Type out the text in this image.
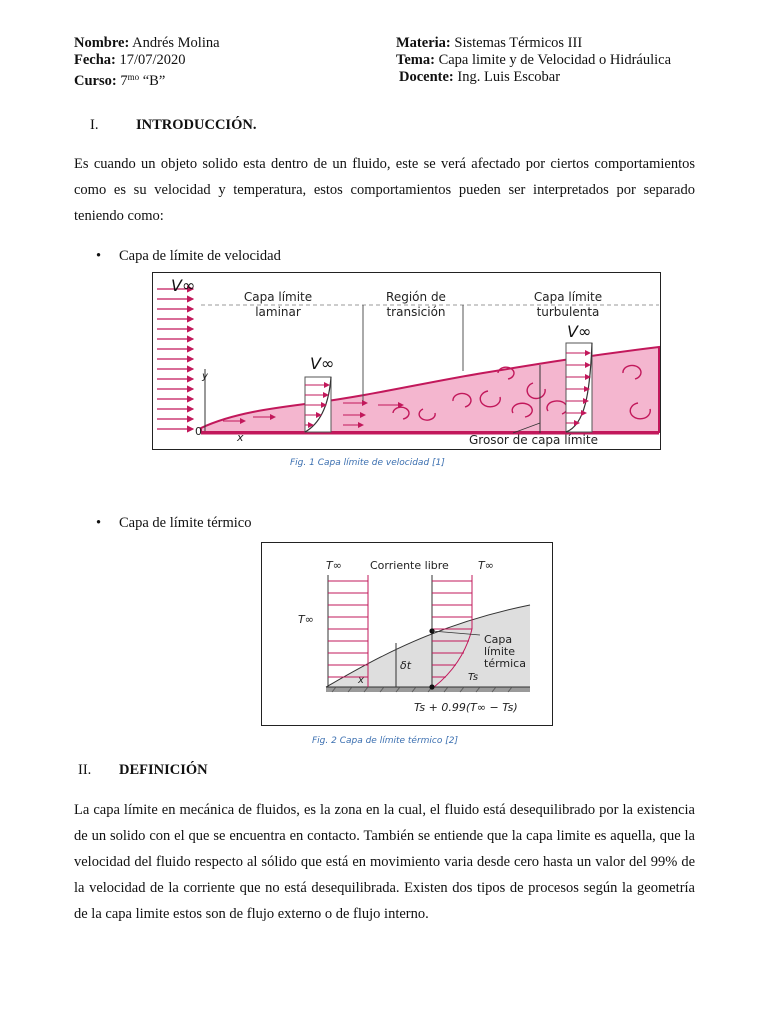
Nombre: Andrés Molina
Fecha: 17/07/2020
Curso: $7^{mo}$ “B”
Materia: Sistemas Térmicos III
Tema: Capa limite y de Velocidad o Hidráulica
Docente: Ing. Luis Escobar
I.	INTRODUCCIÓN.
Es cuando un objeto solido esta dentro de un fluido, este se verá afectado por ciertos comportamientos como es su velocidad y temperatura, estos comportamientos pueden ser interpretados por separado teniendo como:
• Capa de límite de velocidad
V∞
Capa límite
laminar
Región de
transición
Capa límite
turbulenta
V∞
V∞
y
x
0
Grosor de capa límite
Fig. 1 Capa límite de velocidad [1]
• Capa de límite térmico
T∞	T∞
T∞
Corriente libre
δt
x	Ts
Capa
límite
térmica
Ts + 0.99(T∞ − Ts)
Fig. 2 Capa de límite térmico [2]
II. DEFINICIÓN
La capa límite en mecánica de fluidos, es la zona en la cual, el fluido está desequilibrado por la existencia de un solido con el que se encuentra en contacto. También se entiende que la capa limite es aquella, que la velocidad del fluido respecto al sólido que está en movimiento varia desde cero hasta un valor del 99% de la velocidad de la corriente que no está desequilibrada. Existen dos tipos de procesos según la geometría de la capa limite estos son de flujo externo o de flujo interno.
